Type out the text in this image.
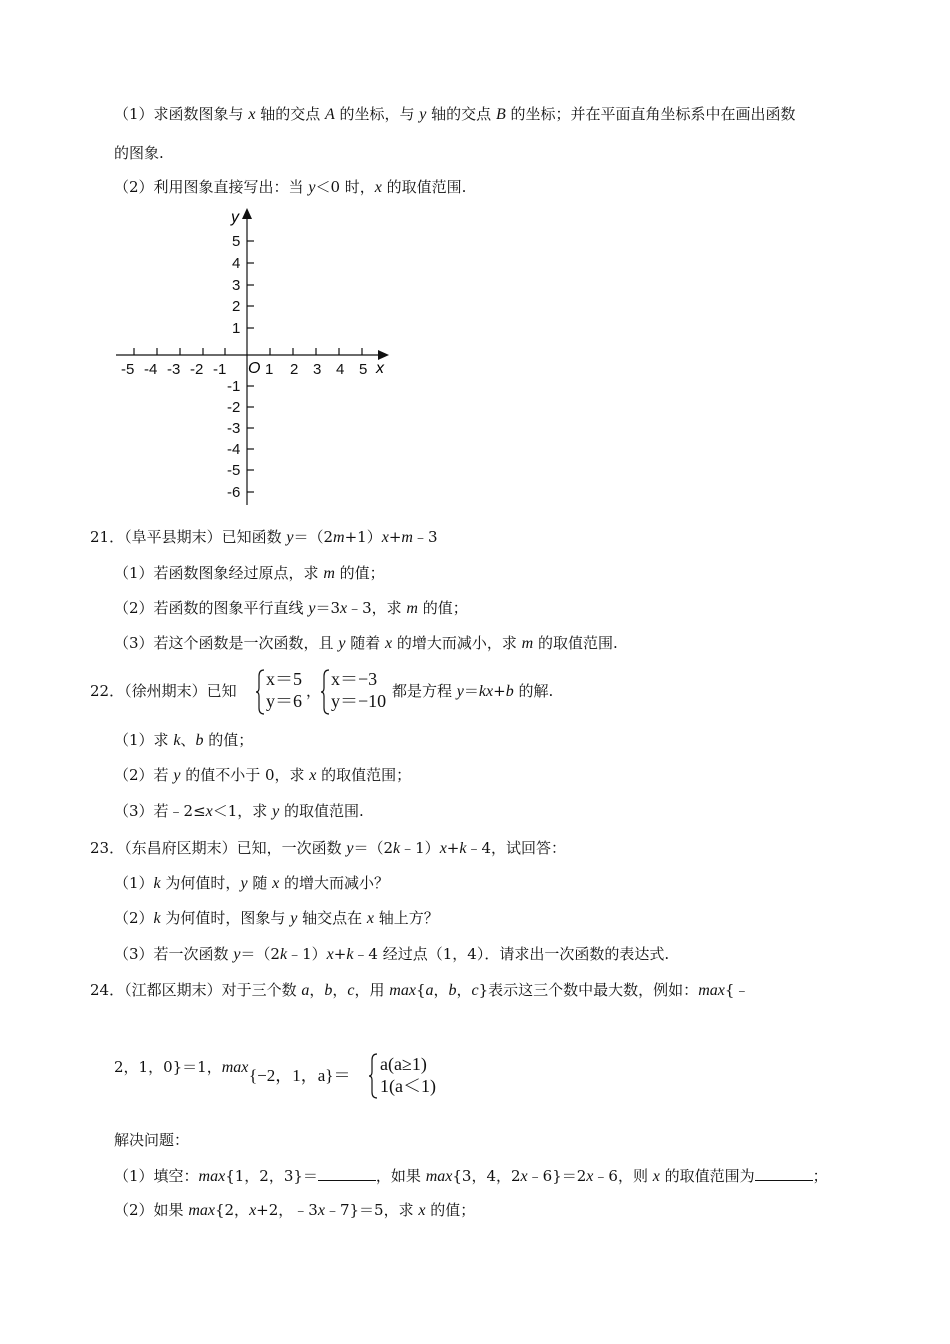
（1）求函数图象与 x 轴的交点 A 的坐标，与 y 轴的交点 B 的坐标；并在平面直角坐标系中在画出函数
的图象.
（2）利用图象直接写出：当 y＜0 时，x 的取值范围.
-5 -4 -3 -2 -1	1 2 3 4 5
5
4
3
2
1
-1
-2
-3
-4
-5
-6
O	x
y
21．（阜平县期末）已知函数 y＝（2m+1）x+m﹣3
（1）若函数图象经过原点，求 m 的值；
（2）若函数的图象平行直线 y＝3x﹣3，求 m 的值；
（3）若这个函数是一次函数，且 y 随着 x 的增大而减小，求 m 的取值范围.
22．（徐州期末）已知
x＝5
y＝6 ，
x＝−3
y＝−10 都是方程 y＝kx+b 的解.
（1）求 k、b 的值；
（2）若 y 的值不小于 0，求 x 的取值范围；
（3）若﹣2≤x＜1，求 y 的取值范围.
23．（东昌府区期末）已知，一次函数 y＝（2k﹣1）x+k﹣4，试回答：
（1）k 为何值时，y 随 x 的增大而减小？
（2）k 为何值时，图象与 y 轴交点在 x 轴上方？
（3）若一次函数 y＝（2k﹣1）x+k﹣4 经过点（1，4）．请求出一次函数的表达式.
24．（江都区期末）对于三个数 a，b，c，用 max{a，b，c}表示这三个数中最大数，例如：max{﹣
2，1，0}＝1，max {−2，1，a}＝
a(a≥1)
1(a＜1)
解决问题：
（1）填空：max{1，2，3}＝	，如果 max{3，4，2x﹣6}＝2x﹣6，则 x 的取值范围为	；
（2）如果 max{2，x+2，﹣3x﹣7}＝5，求 x 的值；
